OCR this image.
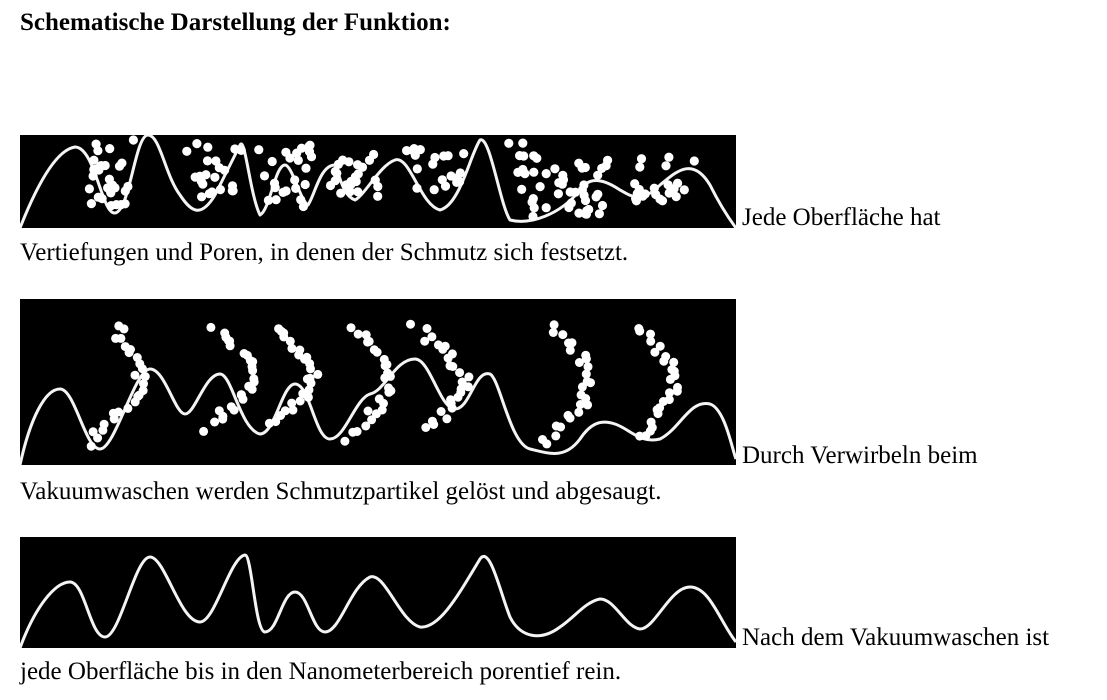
Schematische Darstellung der Funktion:
Jede Oberfläche hat
Vertiefungen und Poren, in denen der Schmutz sich festsetzt.
Durch Verwirbeln beim
Vakuumwaschen werden Schmutzpartikel gelöst und abgesaugt.
Nach dem Vakuumwaschen ist
jede Oberfläche bis in den Nanometerbereich porentief rein.
